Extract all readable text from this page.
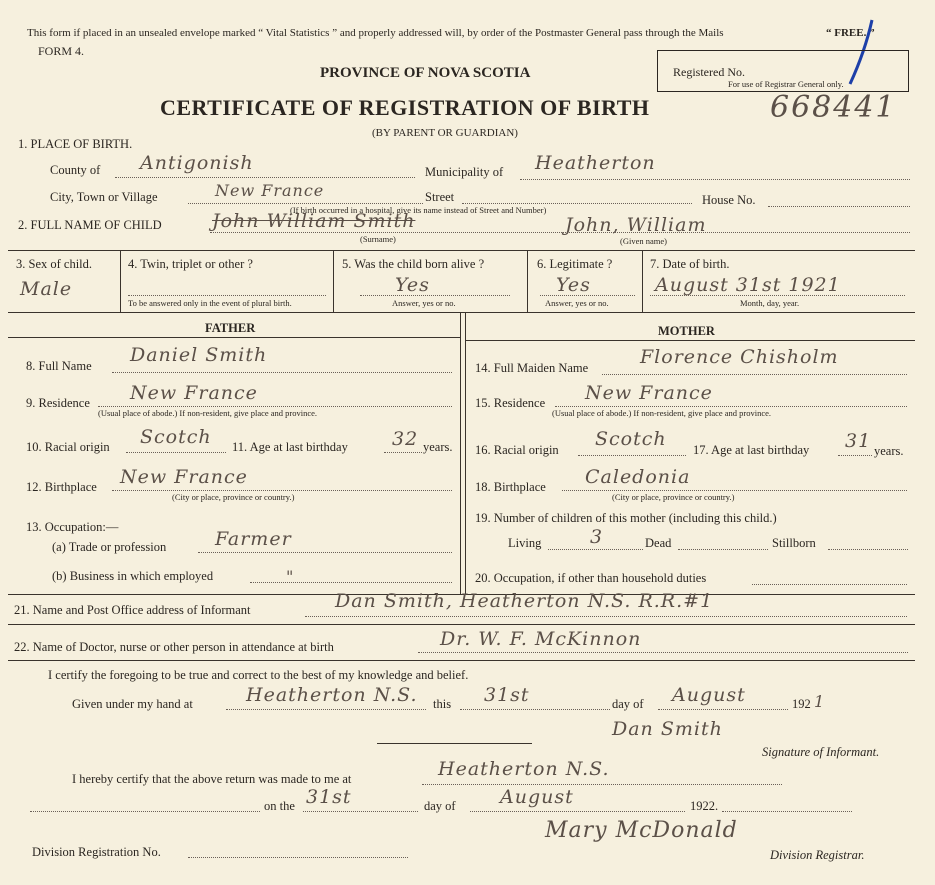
This form if placed in an unsealed envelope marked “ Vital Statistics ” and properly addressed will, by order of the Postmaster General pass through the Mails	“ FREE. ”
FORM 4.
PROVINCE OF NOVA SCOTIA	Registered No.
For use of Registrar General only.
CERTIFICATE OF REGISTRATION OF BIRTH	668441
(BY PARENT OR GUARDIAN)
1. PLACE OF BIRTH.
County of Antigonish	Municipality of Heatherton
City, Town or Village	New France	Street	House No.
(If birth occurred in a hospital, give its name instead of Street and Number)
2. FULL NAME OF CHILD	John William Smith
(Surname)
John, William
(Given name)
3. Sex of child.
Male
4. Twin, triplet or other ?
To be answered only in the event of plural birth.
5. Was the child born alive ?
Yes
Answer, yes or no.
6. Legitimate ?
Yes
Answer, yes or no.
7. Date of birth.
August 31st 1921
Month, day, year.
FATHER	MOTHER
8. Full Name Daniel Smith
9. Residence New France
(Usual place of abode.) If non-resident, give place and province.
10. Racial origin Scotch 11. Age at last birthday 32 years.
12. Birthplace New France
(City or place, province or country.)
13. Occupation:—
(a) Trade or profession	Farmer
(b) Business in which employed	"
14. Full Maiden Name	Florence Chisholm
15. Residence New France
(Usual place of abode.) If non-resident, give place and province.
16. Racial origin Scotch 17. Age at last birthday 31 years.
18. Birthplace Caledonia
(City or place, province or country.)
19. Number of children of this mother (including this child.)
Living	3	Dead	Stillborn
20. Occupation, if other than household duties
21. Name and Post Office address of Informant	Dan Smith, Heatherton N.S. R.R.#1
22. Name of Doctor, nurse or other person in attendance at birth	Dr. W. F. McKinnon
I certify the foregoing to be true and correct to the best of my knowledge and belief.
Given under my hand at	Heatherton N.S. this 31st	day of August	192 1
Dan Smith
Signature of Informant.
I hereby certify that the above return was made to me at	Heatherton N.S.
on the 31st	day of August	1922.
Division Registration No.
Mary McDonald
Division Registrar.
